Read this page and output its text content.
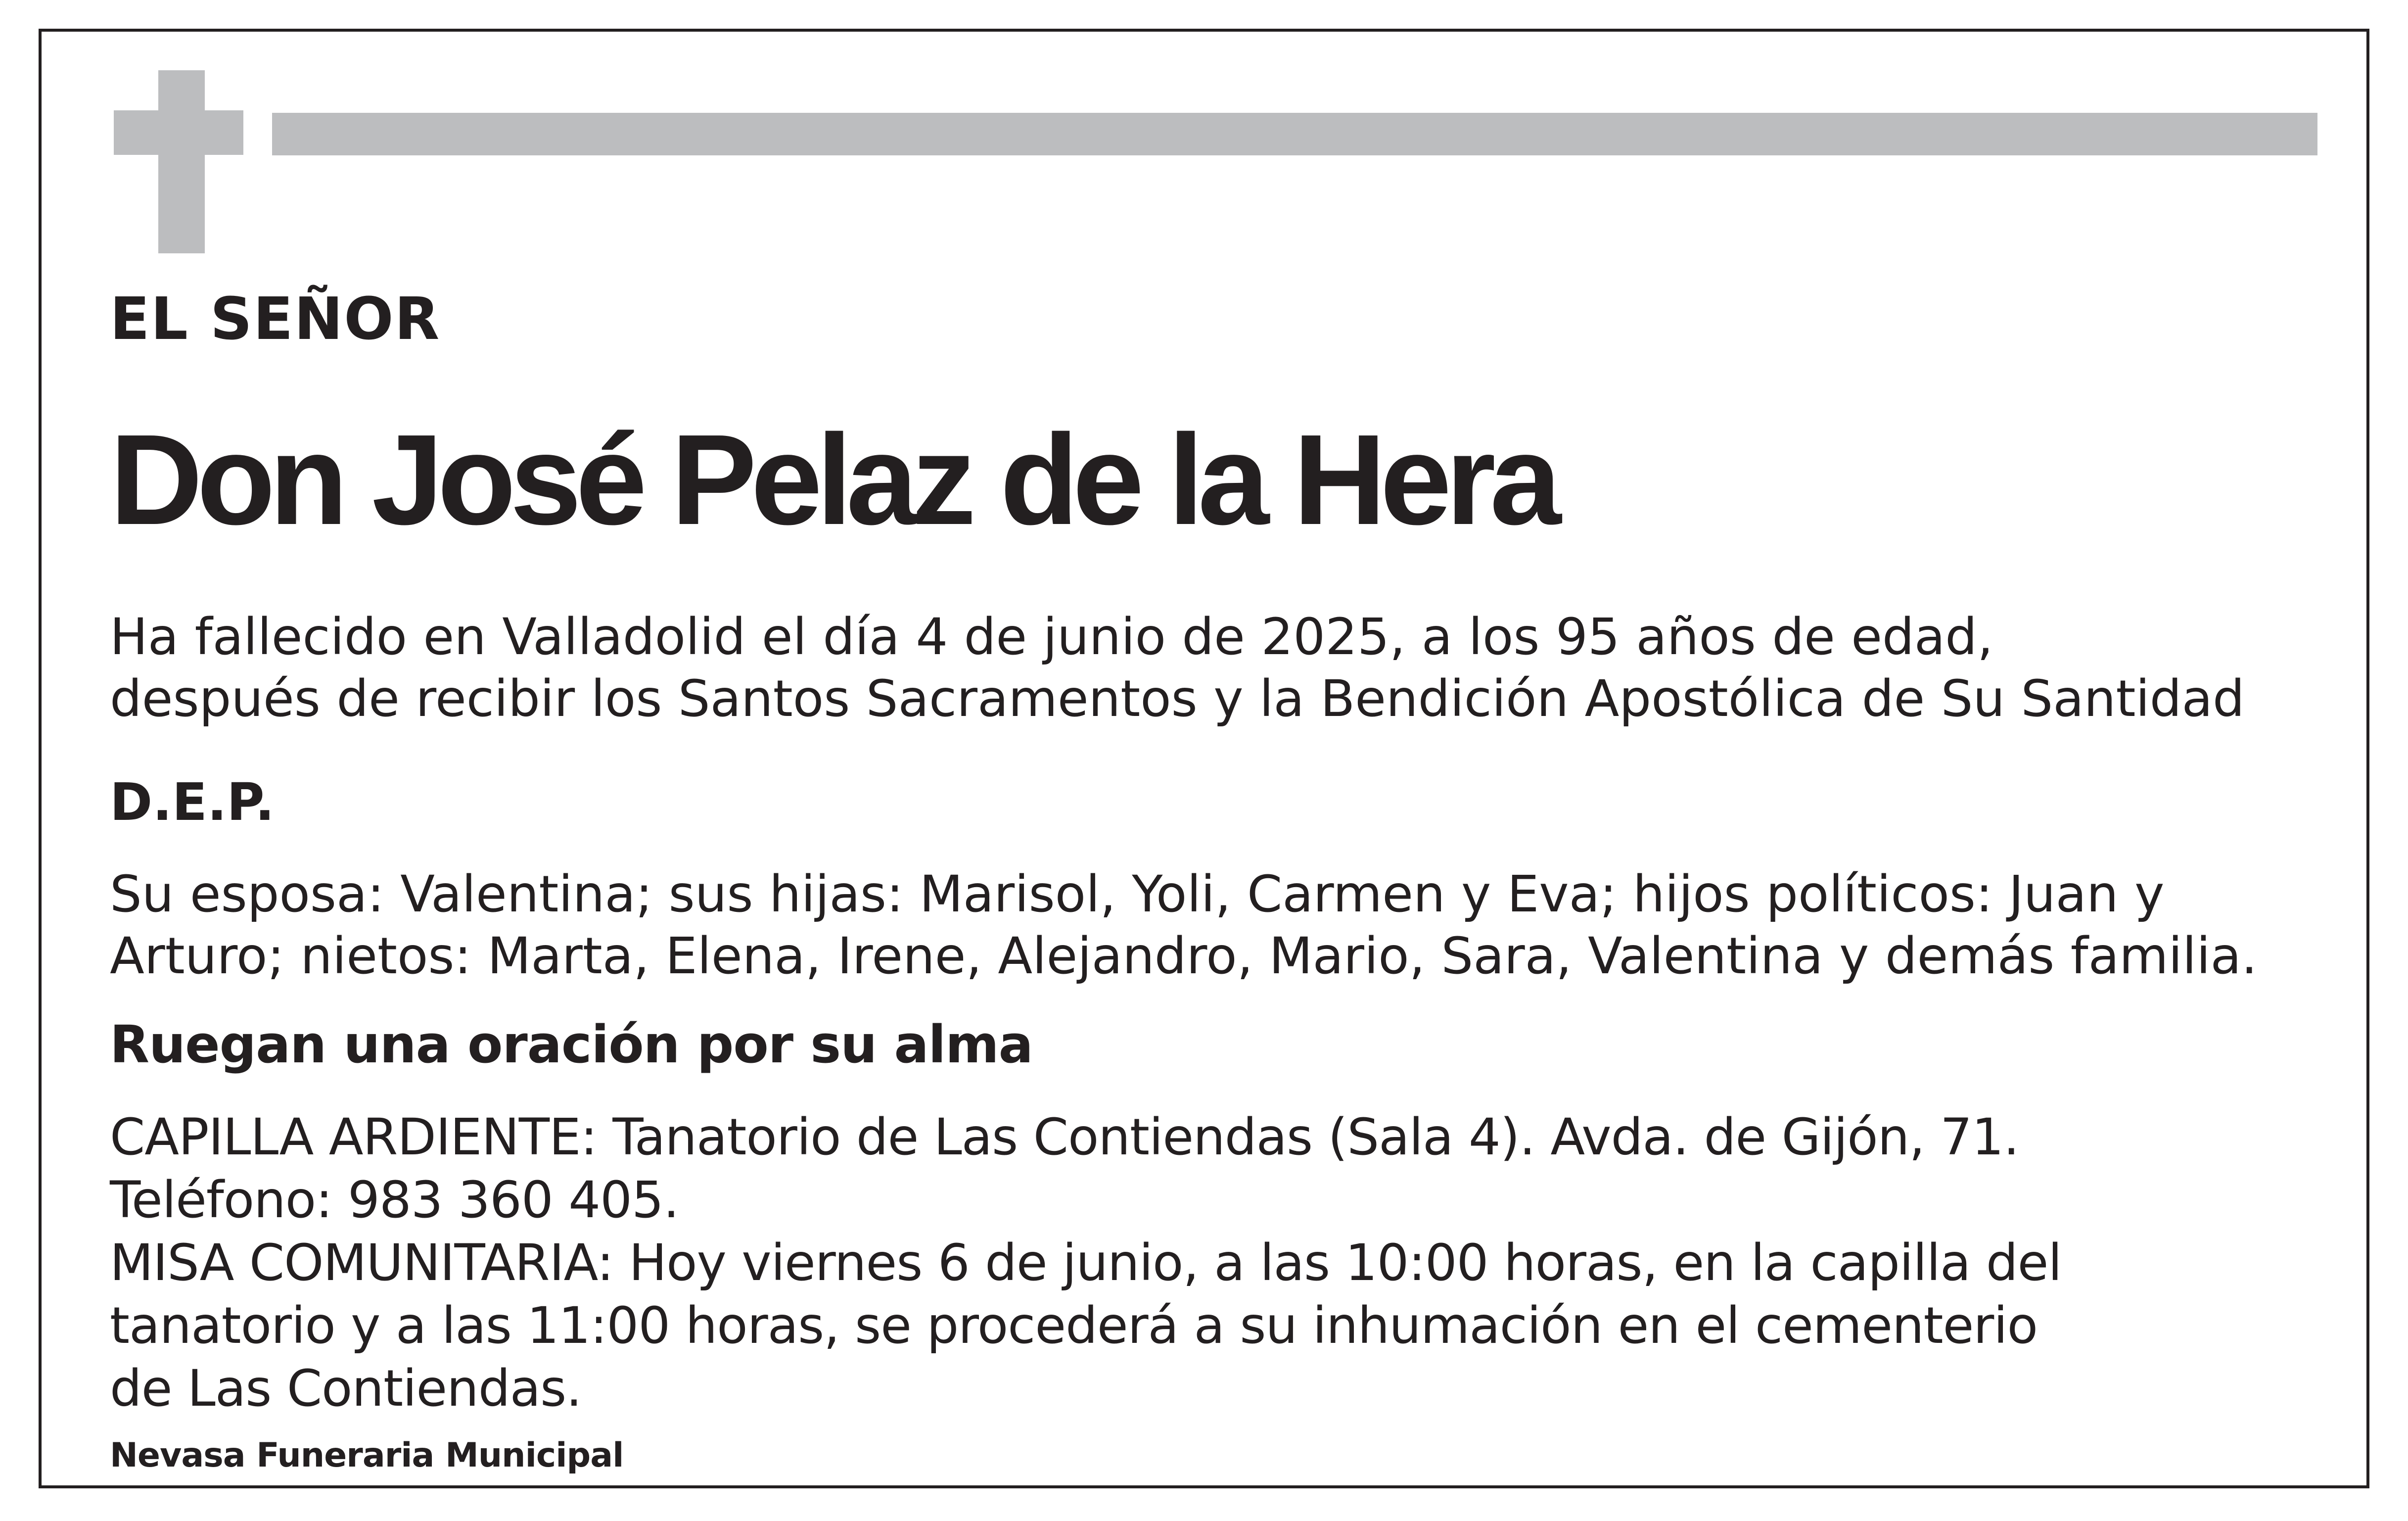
EL SEÑOR

Don José Pelaz de la Hera

Ha fallecido en Valladolid el día 4 de junio de 2025, a los 95 años de edad,
después de recibir los Santos Sacramentos y la Bendición Apostólica de Su Santidad

D.E.P.

Su esposa: Valentina; sus hijas: Marisol, Yoli, Carmen y Eva; hijos políticos: Juan y
Arturo; nietos: Marta, Elena, Irene, Alejandro, Mario, Sara, Valentina y demás familia.

Ruegan una oración por su alma

CAPILLA ARDIENTE: Tanatorio de Las Contiendas (Sala 4). Avda. de Gijón, 71.
Teléfono: 983 360 405.
MISA COMUNITARIA: Hoy viernes 6 de junio, a las 10:00 horas, en la capilla del
tanatorio y a las 11:00 horas, se procederá a su inhumación en el cementerio
de Las Contiendas.

Nevasa Funeraria Municipal
